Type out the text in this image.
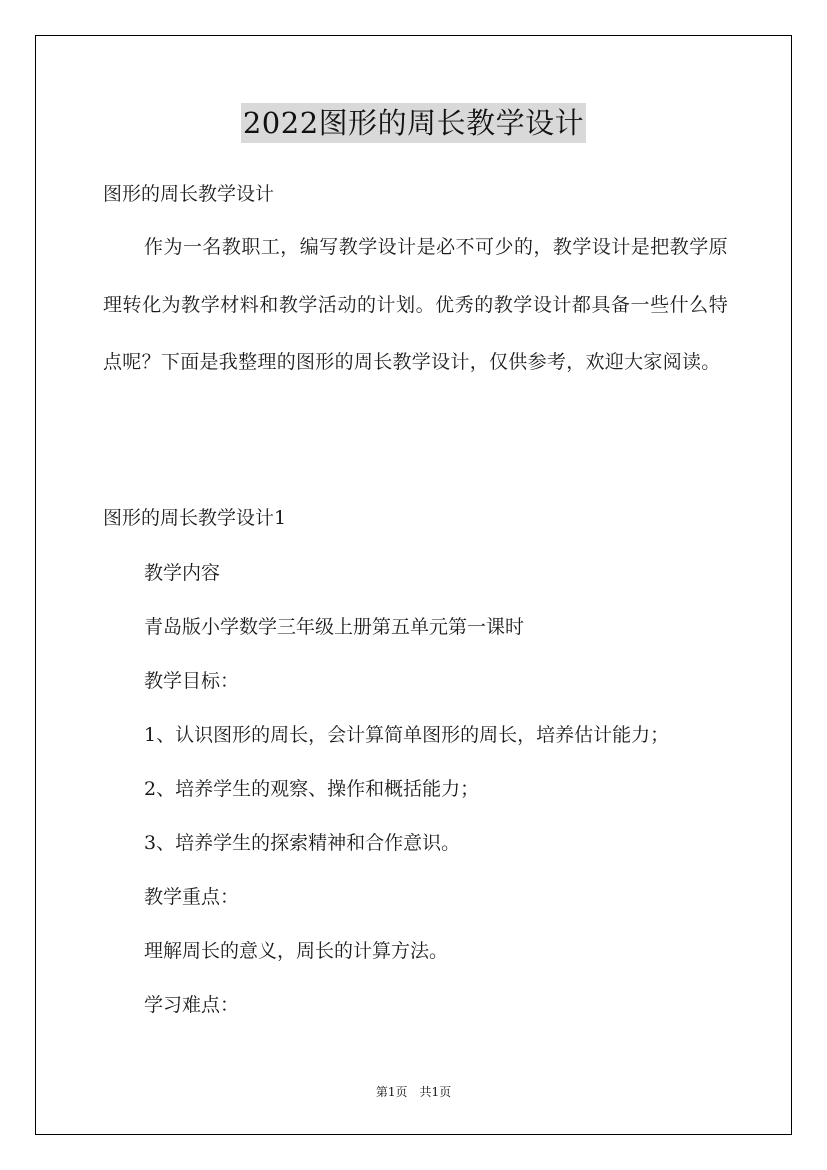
2022图形的周长教学设计
图形的周长教学设计
作为一名教职工，编写教学设计是必不可少的，教学设计是把教学原理转化为教学材料和教学活动的计划。优秀的教学设计都具备一些什么特点呢？下面是我整理的图形的周长教学设计，仅供参考，欢迎大家阅读。
图形的周长教学设计1
教学内容
青岛版小学数学三年级上册第五单元第一课时
教学目标：
1、认识图形的周长，会计算简单图形的周长，培养估计能力；
2、培养学生的观察、操作和概括能力；
3、培养学生的探索精神和合作意识。
教学重点：
理解周长的意义，周长的计算方法。
学习难点：
第1页 共1页
